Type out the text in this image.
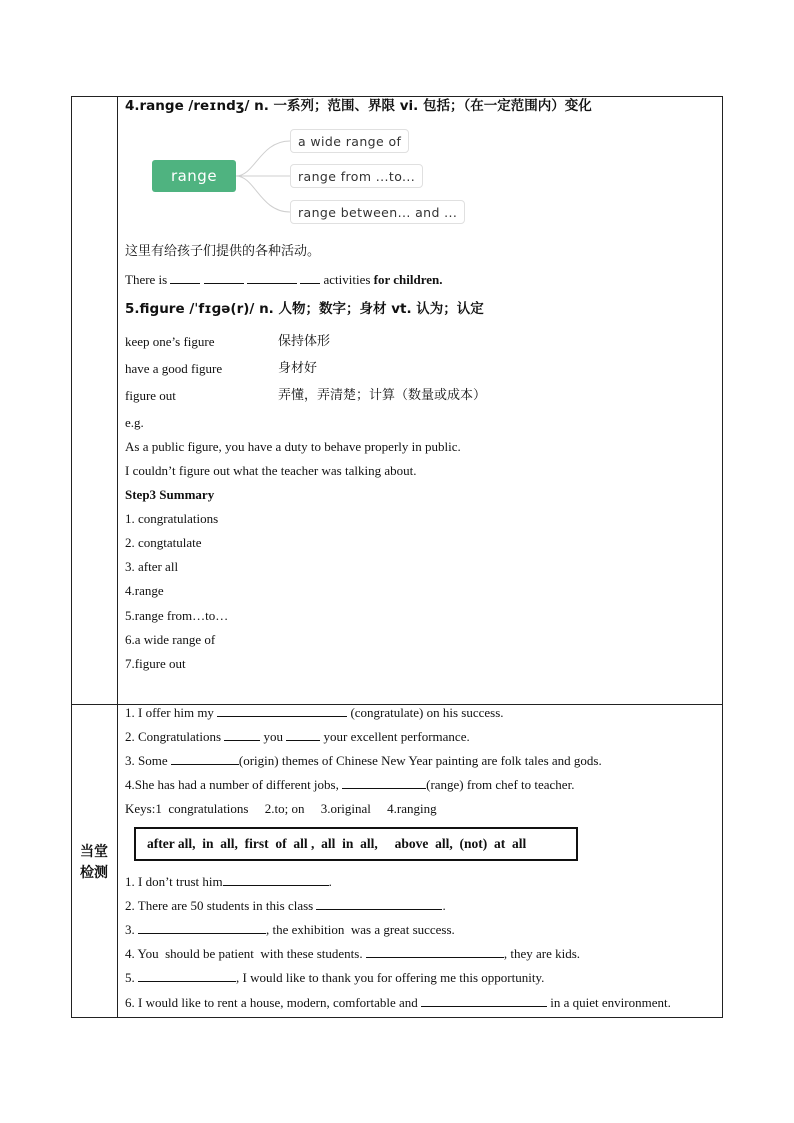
当堂检测
4.range /reɪndʒ/ n. 一系列；范围、界限 vi. 包括；（在一定范围内）变化
range
a wide range of
range from ...to...
range between... and ...
这里有给孩子们提供的各种活动。
There is	activities for children.
5.figure /ˈfɪɡə(r)/ n. 人物；数字；身材 vt. 认为；认定
keep one’s figure	保持体形
have a good figure	身材好
figure out	弄懂，弄清楚；计算（数量或成本）
e.g.
As a public figure, you have a duty to behave properly in public.
I couldn’t figure out what the teacher was talking about.
Step3 Summary
1. congratulations
2. congtatulate
3. after all
4.range
5.range from…to…
6.a wide range of
7.figure out
1. I offer him my	(congratulate) on his success.
2. Congratulations	you	your excellent performance.
3. Some	(origin) themes of Chinese New Year painting are folk tales and gods.
4.She has had a number of different jobs,	(range) from chef to teacher.
Keys:1  congratulations     2.to; on     3.original     4.ranging
after all,  in  all,  first  of  all ,  all  in  all,     above  all,  (not)  at  all
1. I don’t trust him	.
2. There are 50 students in this class	.
3.	, the exhibition  was a great success.
4. You  should be patient  with these students.	, they are kids.
5.	, I would like to thank you for offering me this opportunity.
6. I would like to rent a house, modern, comfortable and	in a quiet environment.
